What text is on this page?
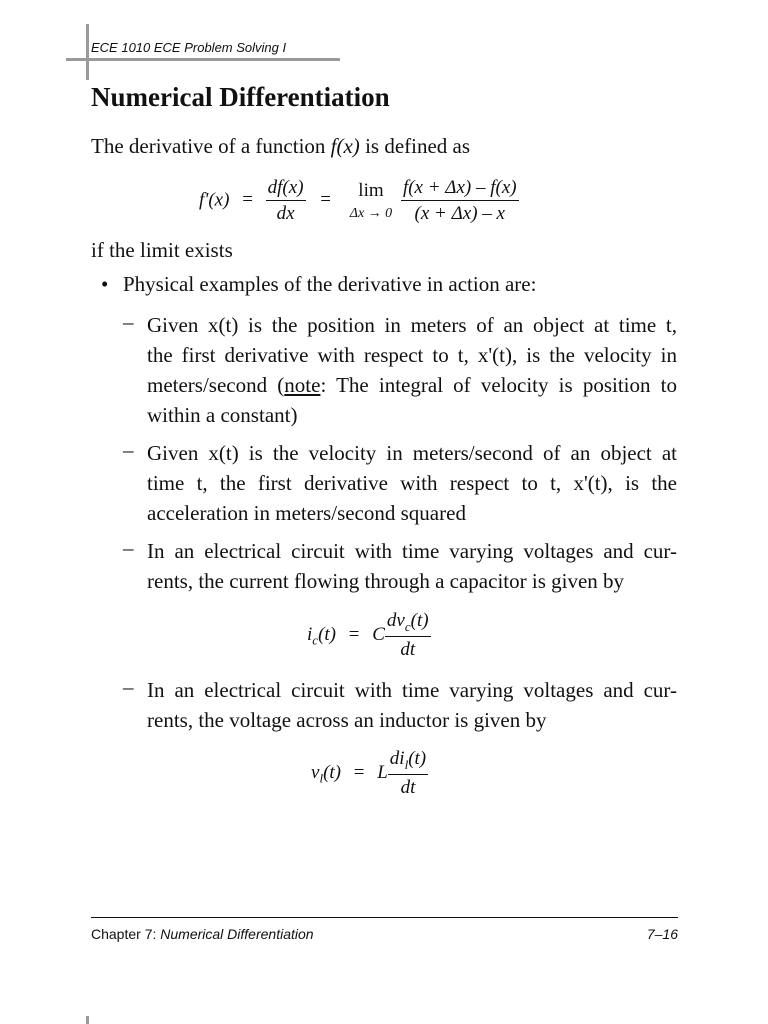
ECE 1010 ECE Problem Solving I
Numerical Differentiation
The derivative of a function f(x) is defined as
$f'(x) = \frac{df(x)}{dx} = \lim$
Δx → 0
$\frac{f(x + \Delta x) - f(x)}{(x + \Delta x) - x}$
if the limit exists
• Physical examples of the derivative in action are:
– Given x(t) is the position in meters of an object at time t,
the first derivative with respect to t, x'(t), is the velocity in
meters/second (note: The integral of velocity is position to
within a constant)
– Given x(t) is the velocity in meters/second of an object at
time t, the first derivative with respect to t, x'(t), is the
acceleration in meters/second squared
– In an electrical circuit with time varying voltages and cur-
rents, the current flowing through a capacitor is given by
$i_c(t) = C \frac{dv_c(t)}{dt}$
– In an electrical circuit with time varying voltages and cur-
rents, the voltage across an inductor is given by
$v_l(t) = L \frac{di_l(t)}{dt}$
Chapter 7: Numerical Differentiation	7–16
